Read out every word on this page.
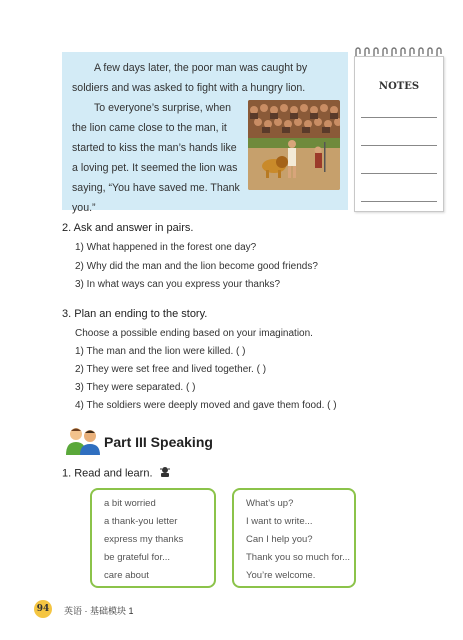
A few days later, the poor man was caught by soldiers and was asked to fight with a hungry lion.

To everyone’s surprise, when the lion came close to the man, it started to kiss the man’s hands like a loving pet. It seemed the lion was saying, “You have saved me. Thank you.”

NOTES
2. Ask and answer in pairs.
1) What happened in the forest one day?
2) Why did the man and the lion become good friends?
3) In what ways can you express your thanks?
3. Plan an ending to the story.
Choose a possible ending based on your imagination.
1) The man and the lion were killed. ( )
2) They were set free and lived together. ( )
3) They were separated. ( )
4) The soldiers were deeply moved and gave them food. ( )
Part III Speaking
1. Read and learn.
a bit worried
a thank-you letter
express my thanks
be grateful for...
care about
What’s up?
I want to write...
Can I help you?
Thank you so much for...
You’re welcome.
94	英语 · 基础模块 1
